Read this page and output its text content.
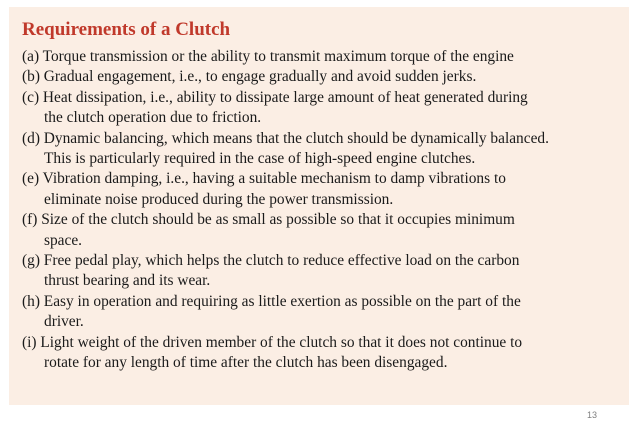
Requirements of a Clutch
(a) Torque transmission or the ability to transmit maximum torque of the engine
(b) Gradual engagement, i.e., to engage gradually and avoid sudden jerks.
(c) Heat dissipation, i.e., ability to dissipate large amount of heat generated during
the clutch operation due to friction.
(d) Dynamic balancing, which means that the clutch should be dynamically balanced.
This is particularly required in the case of high-speed engine clutches.
(e) Vibration damping, i.e., having a suitable mechanism to damp vibrations to
eliminate noise produced during the power transmission.
(f) Size of the clutch should be as small as possible so that it occupies minimum
space.
(g) Free pedal play, which helps the clutch to reduce effective load on the carbon
thrust bearing and its wear.
(h) Easy in operation and requiring as little exertion as possible on the part of the
driver.
(i) Light weight of the driven member of the clutch so that it does not continue to
rotate for any length of time after the clutch has been disengaged.
13
